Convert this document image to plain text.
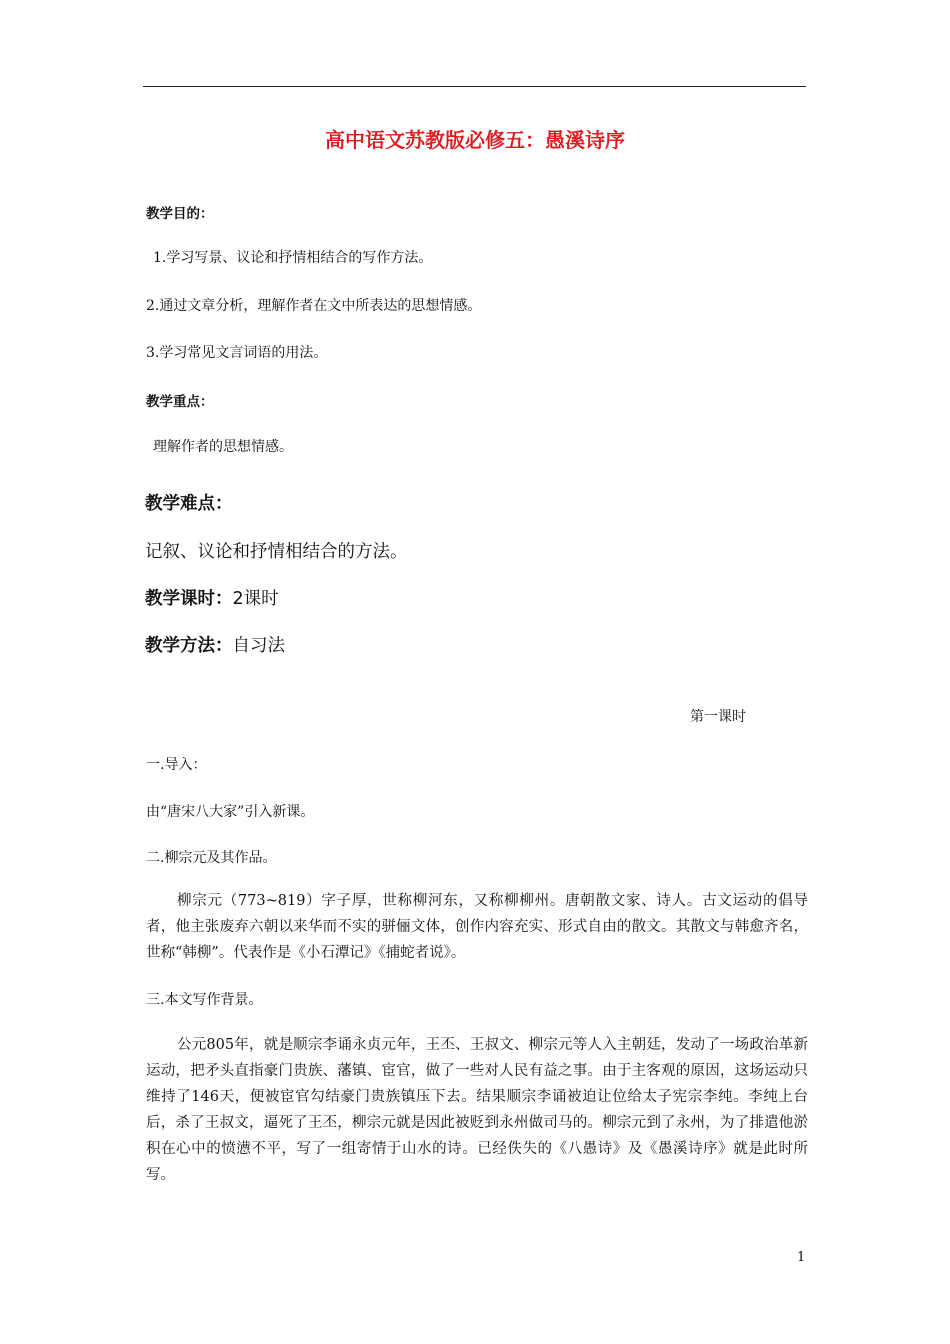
高中语文苏教版必修五：愚溪诗序
教学目的：
1.学习写景、议论和抒情相结合的写作方法。
2.通过文章分析，理解作者在文中所表达的思想情感。
3.学习常见文言词语的用法。
教学重点：
理解作者的思想情感。
教学难点：
记叙、议论和抒情相结合的方法。
教学课时：2课时
教学方法：自习法
第一课时
一.导入：
由“唐宋八大家”引入新课。
二.柳宗元及其作品。
柳宗元（773~819）字子厚，世称柳河东，又称柳柳州。唐朝散文家、诗人。古文运动的倡导者，他主张废弃六朝以来华而不实的骈俪文体，创作内容充实、形式自由的散文。其散文与韩愈齐名，世称“韩柳”。代表作是《小石潭记》《捕蛇者说》。
三.本文写作背景。
公元805年，就是顺宗李诵永贞元年，王丕、王叔文、柳宗元等人入主朝廷，发动了一场政治革新运动，把矛头直指豪门贵族、藩镇、宦官，做了一些对人民有益之事。由于主客观的原因，这场运动只维持了146天，便被宦官勾结豪门贵族镇压下去。结果顺宗李诵被迫让位给太子宪宗李纯。李纯上台后，杀了王叔文，逼死了王丕，柳宗元就是因此被贬到永州做司马的。柳宗元到了永州，为了排遣他淤积在心中的愤懑不平，写了一组寄情于山水的诗。已经佚失的《八愚诗》及《愚溪诗序》就是此时所写。
1
